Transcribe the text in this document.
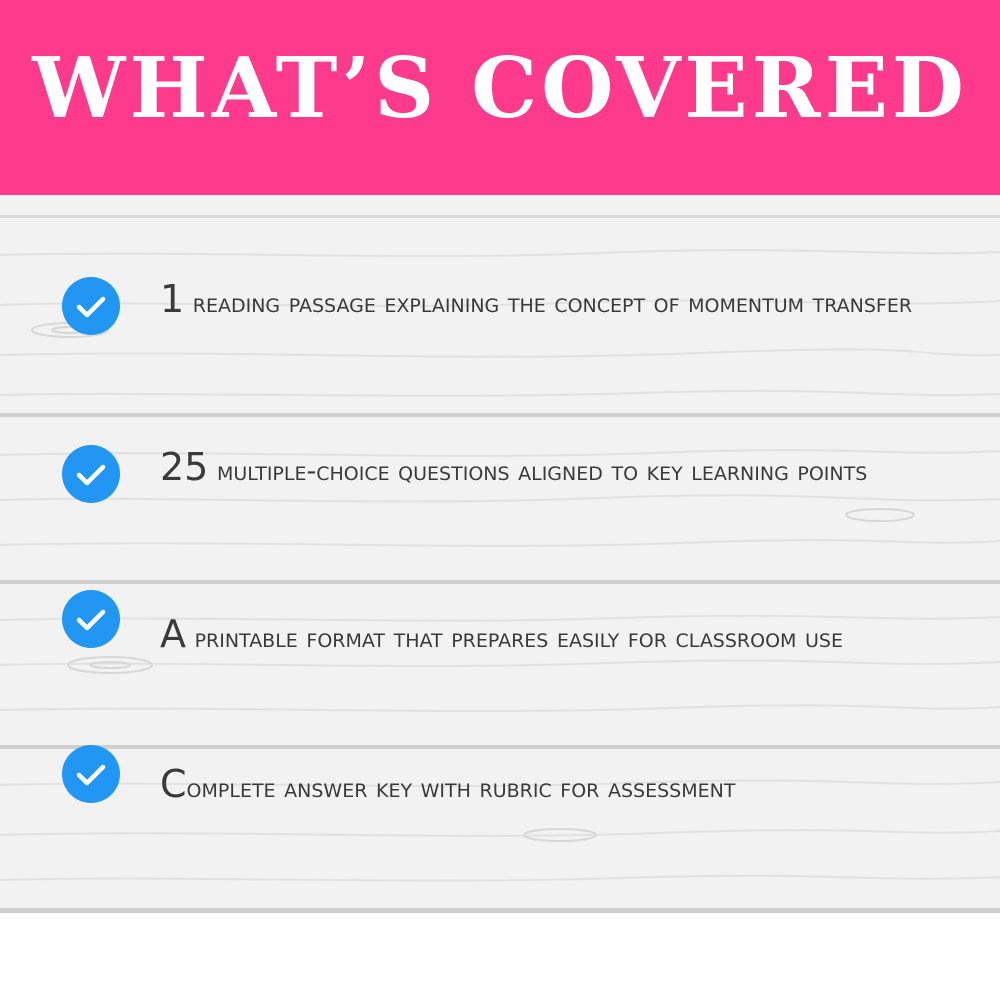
WHAT’S COVERED
1 reading passage explaining the concept of momentum transfer
25 multiple-choice questions aligned to key learning points
A printable format that prepares easily for classroom use
Complete answer key with rubric for assessment
